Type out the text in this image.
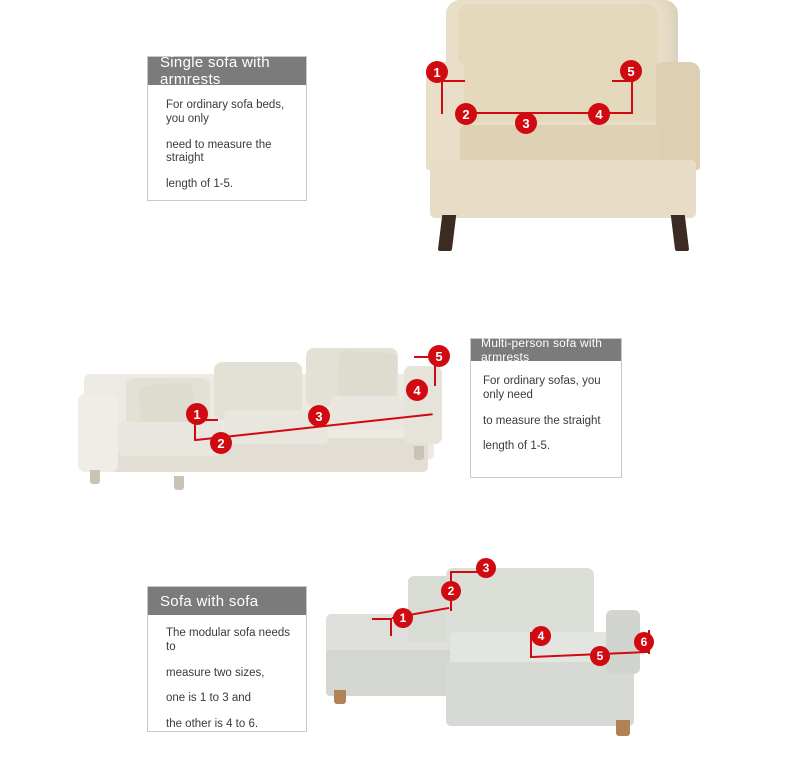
1
2
3
4
5
Single sofa with armrests

For ordinary sofa beds, you only

need to measure the straight

length of 1-5.

1
2
3
4
5
Multi-person sofa with armrests

For ordinary sofas, you only need

to measure the straight

length of 1-5.

1
2
3
4
5
6
Sofa with sofa

The modular sofa needs to

measure two sizes,

one is 1 to 3 and

the other is 4 to 6.
